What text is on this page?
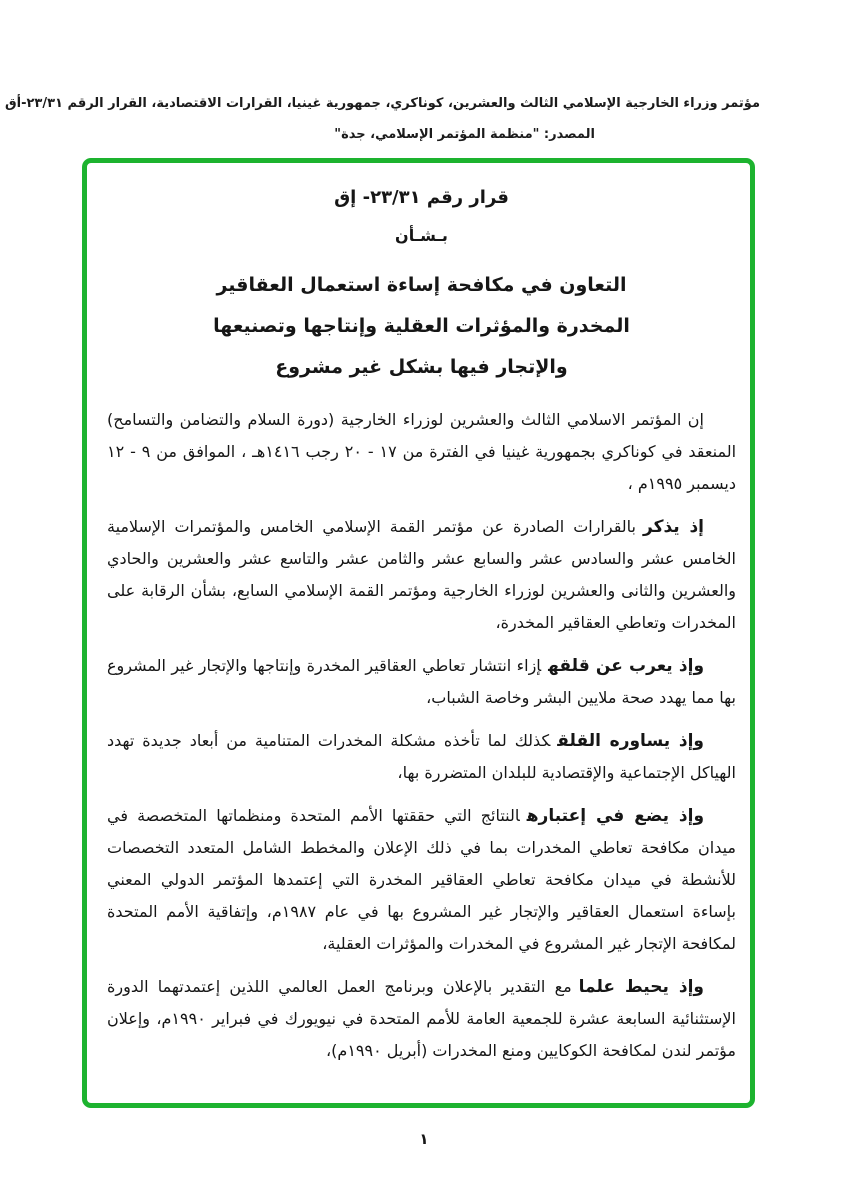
مؤتمر وزراء الخارجية الإسلامي الثالث والعشرين، كوناكري، جمهورية غينيا، القرارات الاقتصادية، القرار الرقم ٢٣/٣١-أق
المصدر: "منظمة المؤتمر الإسلامي، جدة"
قرار رقم ٢٣/٣١- إق
بـشـأن
التعاون في مكافحة إساءة استعمال العقاقير
المخدرة والمؤثرات العقلية وإنتاجها وتصنيعها
والإتجار فيها بشكل غير مشروع

إن المؤتمر الاسلامي الثالث والعشرين لوزراء الخارجية (دورة السلام والتضامن والتسامح) المنعقد في كوناكري بجمهورية غينيا في الفترة من ١٧ - ٢٠ رجب ١٤١٦هـ ، الموافق من ٩ - ١٢ ديسمبر ١٩٩٥م ،

إذ يذكربالقرارات الصادرة عن مؤتمر القمة الإسلامي الخامس والمؤتمرات الإسلامية الخامس عشر والسادس عشر والسابع عشر والثامن عشر والتاسع عشر والعشرين والحادي والعشرين والثانى والعشرين لوزراء الخارجية ومؤتمر القمة الإسلامي السابع، بشأن الرقابة على المخدرات وتعاطي العقاقير المخدرة،

وإذ يعرب عن قلقهإزاء انتشار تعاطي العقاقير المخدرة وإنتاجها والإتجار غير المشروع بها مما يهدد صحة ملايين البشر وخاصة الشباب،

وإذ يساوره القلقكذلك لما تأخذه مشكلة المخدرات المتنامية من أبعاد جديدة تهدد الهياكل الإجتماعية والإقتصادية للبلدان المتضررة بها،

وإذ يضع في إعتبارهالنتائج التي حققتها الأمم المتحدة ومنظماتها المتخصصة في ميدان مكافحة تعاطي المخدرات بما في ذلك الإعلان والمخطط الشامل المتعدد التخصصات للأنشطة في ميدان مكافحة تعاطي العقاقير المخدرة التي إعتمدها المؤتمر الدولي المعني بإساءة استعمال العقاقير والإتجار غير المشروع بها في عام ١٩٨٧م، وإتفاقية الأمم المتحدة لمكافحة الإتجار غير المشروع في المخدرات والمؤثرات العقلية،

وإذ يحيط علمامع التقدير بالإعلان وبرنامج العمل العالمي اللذين إعتمدتهما الدورة الإستثنائية السابعة عشرة للجمعية العامة للأمم المتحدة في نيويورك في فبراير ١٩٩٠م، وإعلان مؤتمر لندن لمكافحة الكوكايين ومنع المخدرات (أبريل ١٩٩٠م)،

١
